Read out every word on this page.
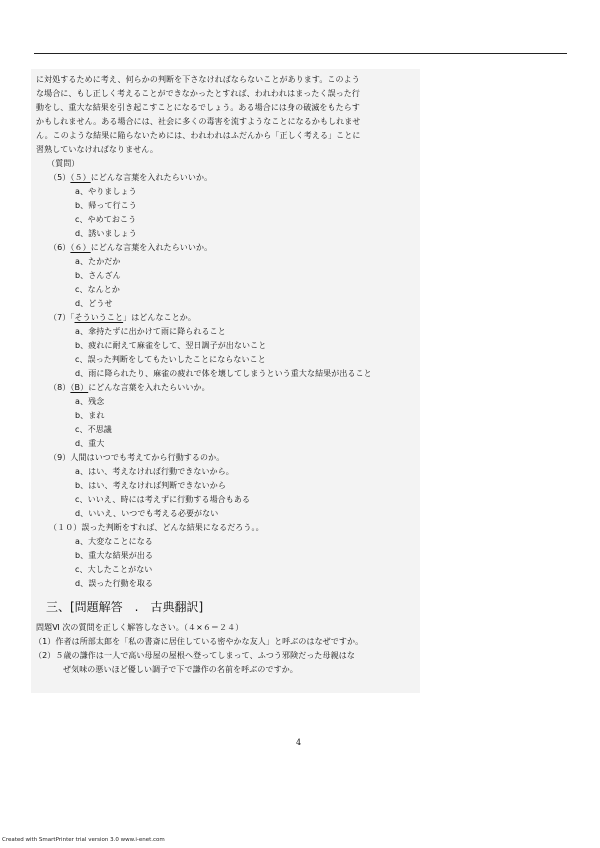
に対処するために考え、何らかの判断を下さなければならないことがあります。このよう
な場合に、もし正しく考えることができなかったとすれば、われわれはまったく誤った行
動をし、重大な結果を引き起こすことになるでしょう。ある場合には身の破滅をもたらす
かもしれません。ある場合には、社会に多くの毒害を流すようなことになるかもしれませ
ん。このような結果に陥らないためには、われわれはふだんから「正しく考える」ことに
習熟していなければなりません。
（質問）
（5）（５）にどんな言葉を入れたらいいか。
a、やりましょう
b、帰って行こう
c、やめておこう
d、誘いましょう
（6）（６）にどんな言葉を入れたらいいか。
a、たかだか
b、さんざん
c、なんとか
d、どうせ
（7）「そういうこと」はどんなことか。
a、傘持たずに出かけて雨に降られること
b、疲れに耐えて麻雀をして、翌日調子が出ないこと
c、誤った判断をしてもたいしたことにならないこと
d、雨に降られたり、麻雀の疲れで体を壊してしまうという重大な結果が出ること
（8）（B）にどんな言葉を入れたらいいか。
a、残念
b、まれ
c、不思議
d、重大
（9）人間はいつでも考えてから行動するのか。
a、はい、考えなければ行動できないから。
b、はい、考えなければ判断できないから
c、いいえ、時には考えずに行動する場合もある
d、いいえ、いつでも考える必要がない
（１０）誤った判断をすれば、どんな結果になるだろう。。
a、大変なことになる
b、重大な結果が出る
c、大したことがない
d、誤った行動を取る
三、[問題解答　.　古典翻訳]
問題Ⅵ 次の質問を正しく解答しなさい。（４×６＝２４）
（1）作者は所部太郎を「私の書斎に居住している密やかな友人」と呼ぶのはなぜですか。
（2）５歳の謙作は一人で高い母屋の屋根へ登ってしまって、ふつう邪険だった母親はな
ぜ気味の悪いほど優しい調子で下で謙作の名前を呼ぶのですか。
4
Created with SmartPrinter trial version 3.0 www.i-enet.com
